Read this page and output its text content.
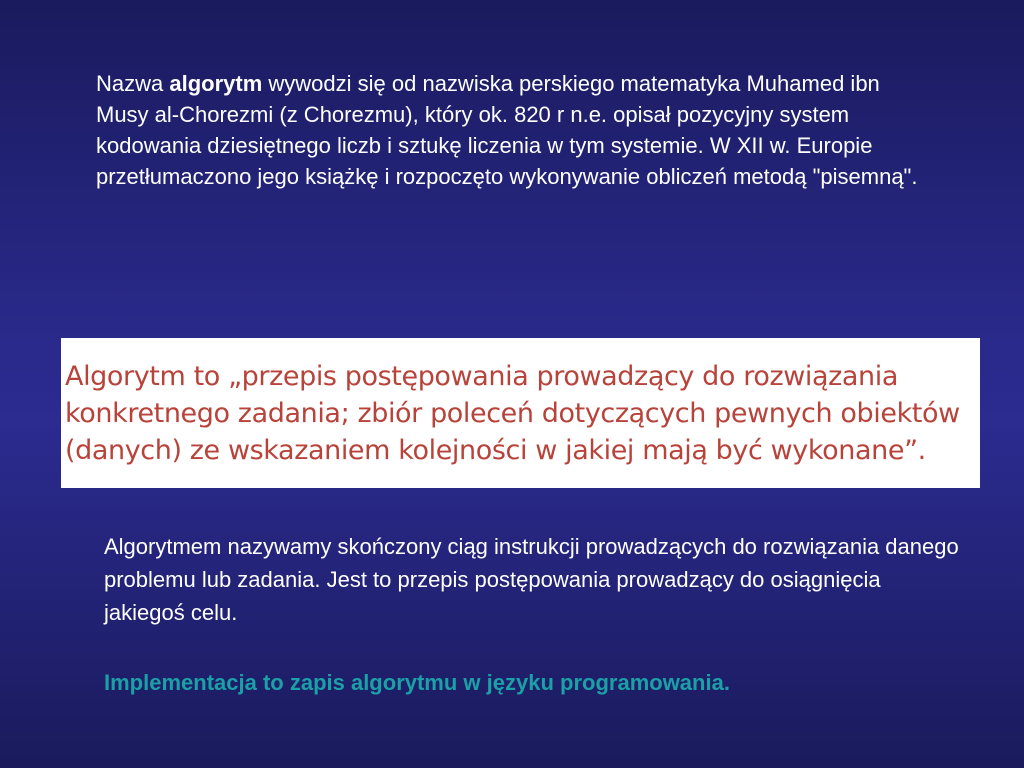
Nazwa algorytm wywodzi się od nazwiska perskiego matematyka Muhamed ibn Musy al-Chorezmi (z Chorezmu), który ok. 820 r n.e. opisał pozycyjny system kodowania dziesiętnego liczb i sztukę liczenia w tym systemie. W XII w. Europie przetłumaczono jego książkę i rozpoczęto wykonywanie obliczeń metodą "pisemną".

Algorytm to „przepis postępowania prowadzący do rozwiązania
konkretnego zadania; zbiór poleceń dotyczących pewnych obiektów
(danych) ze wskazaniem kolejności w jakiej mają być wykonane”.

Algorytmem nazywamy skończony ciąg instrukcji prowadzących do rozwiązania danego problemu lub zadania. Jest to przepis postępowania prowadzący do osiągnięcia jakiegoś celu.

Implementacja to zapis algorytmu w języku programowania.
